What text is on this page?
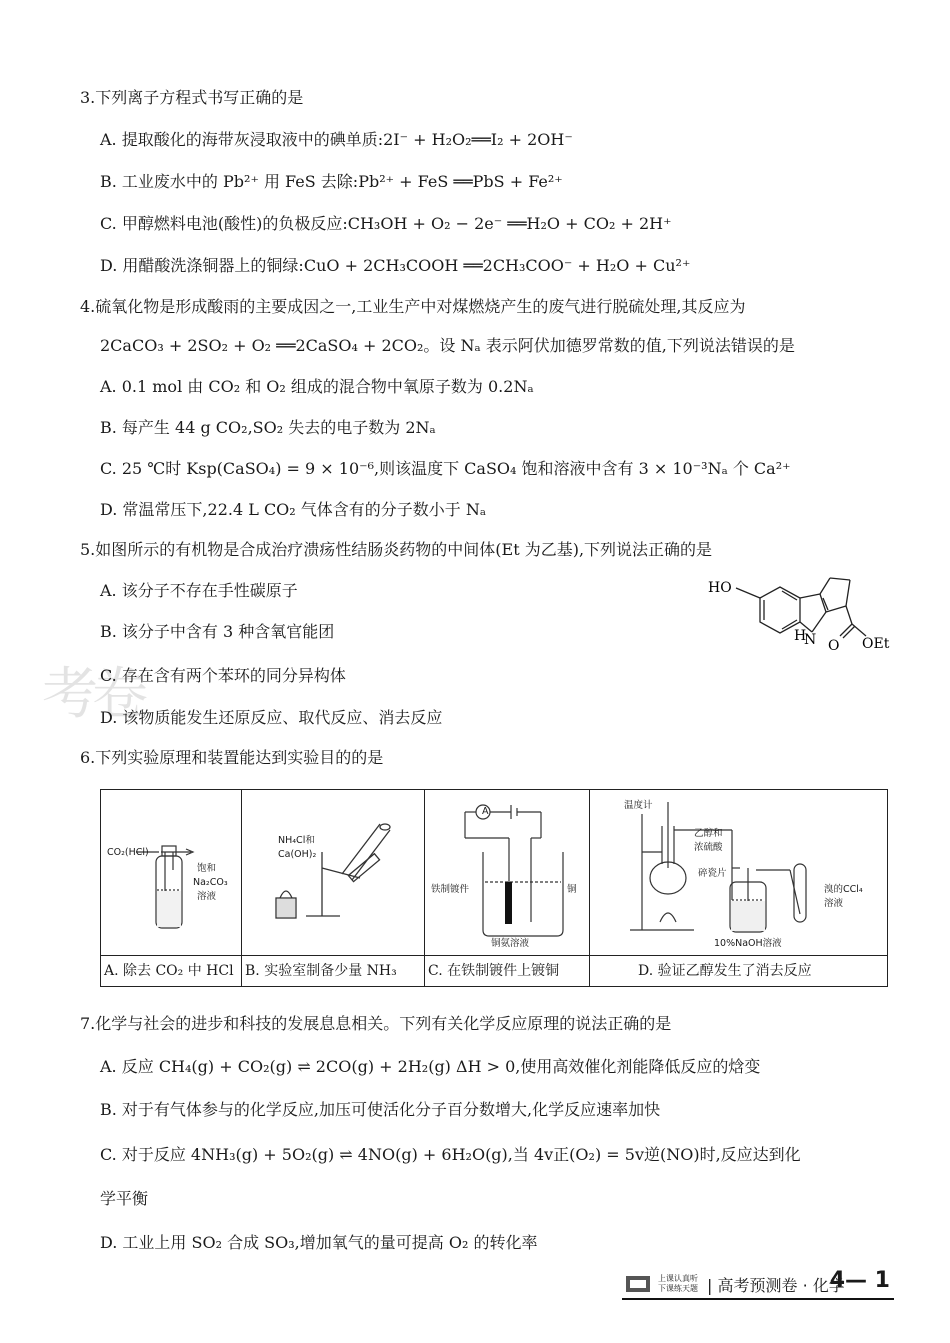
考卷
3.下列离子方程式书写正确的是
A. 提取酸化的海带灰浸取液中的碘单质:2I⁻ + H₂O₂══I₂ + 2OH⁻
B. 工业废水中的 Pb²⁺ 用 FeS 去除:Pb²⁺ + FeS ══PbS + Fe²⁺
C. 甲醇燃料电池(酸性)的负极反应:CH₃OH + O₂ − 2e⁻ ══H₂O + CO₂ + 2H⁺
D. 用醋酸洗涤铜器上的铜绿:CuO + 2CH₃COOH ══2CH₃COO⁻ + H₂O + Cu²⁺
4.硫氧化物是形成酸雨的主要成因之一,工业生产中对煤燃烧产生的废气进行脱硫处理,其反应为
2CaCO₃ + 2SO₂ + O₂ ══2CaSO₄ + 2CO₂。设 Nₐ 表示阿伏加德罗常数的值,下列说法错误的是
A. 0.1 mol 由 CO₂ 和 O₂ 组成的混合物中氧原子数为 0.2Nₐ
B. 每产生 44 g CO₂,SO₂ 失去的电子数为 2Nₐ
C. 25 ℃时 Ksp(CaSO₄) = 9 × 10⁻⁶,则该温度下 CaSO₄ 饱和溶液中含有 3 × 10⁻³Nₐ 个 Ca²⁺
D. 常温常压下,22.4 L CO₂ 气体含有的分子数小于 Nₐ
5.如图所示的有机物是合成治疗溃疡性结肠炎药物的中间体(Et 为乙基),下列说法正确的是
A. 该分子不存在手性碳原子
B. 该分子中含有 3 种含氧官能团
C. 存在含有两个苯环的同分异构体
D. 该物质能发生还原反应、取代反应、消去反应
HO
N
H
O OEt
6.下列实验原理和装置能达到实验目的的是
CO₂(HCl)
饱和
Na₂CO₃
溶液
A. 除去 CO₂ 中 HCl
NH₄Cl和
Ca(OH)₂
B. 实验室制备少量 NH₃
A
铁制镀件	铜
铜氨溶液
C. 在铁制镀件上镀铜
温度计
乙醇和
浓硫酸
碎瓷片
10%NaOH溶液
溴的CCl₄
溶液
D. 验证乙醇发生了消去反应
7.化学与社会的进步和科技的发展息息相关。下列有关化学反应原理的说法正确的是
A. 反应 CH₄(g) + CO₂(g) ⇌ 2CO(g) + 2H₂(g) ΔH > 0,使用高效催化剂能降低反应的焓变
B. 对于有气体参与的化学反应,加压可使活化分子百分数增大,化学反应速率加快
C. 对于反应 4NH₃(g) + 5O₂(g) ⇌ 4NO(g) + 6H₂O(g),当 4v正(O₂) = 5v逆(NO)时,反应达到化
学平衡
D. 工业上用 SO₂ 合成 SO₃,增加氧气的量可提高 O₂ 的转化率
上课认真听
下课练天题 | 高考预测卷 · 化学
4— 1
